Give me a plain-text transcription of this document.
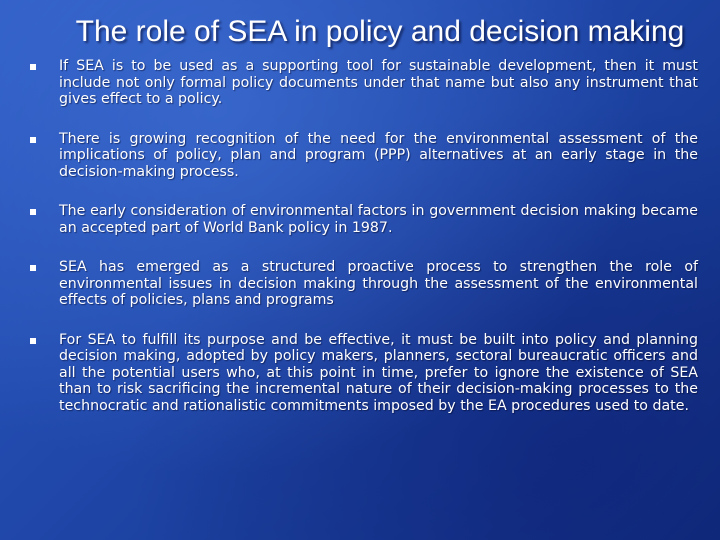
The role of SEA in policy and decision making
If SEA is to be used as a supporting tool for sustainable development, then it must include not only formal policy documents under that name but also any instrument that gives effect to a policy.
There is growing recognition of the need for the environmental assessment of the implications of policy, plan and program (PPP) alternatives at an early stage in the decision-making process.
The early consideration of environmental factors in government decision making became an accepted part of World Bank policy in 1987.
SEA has emerged as a structured proactive process to strengthen the role of environmental issues in decision making through the assessment of the environmental effects of policies, plans and programs
For SEA to fulfill its purpose and be effective, it must be built into policy and planning decision making, adopted by policy makers, planners, sectoral bureaucratic officers and all the potential users who, at this point in time, prefer to ignore the existence of SEA than to risk sacrificing the incremental nature of their decision-making processes to the technocratic and rationalistic commitments imposed by the EA procedures used to date.
